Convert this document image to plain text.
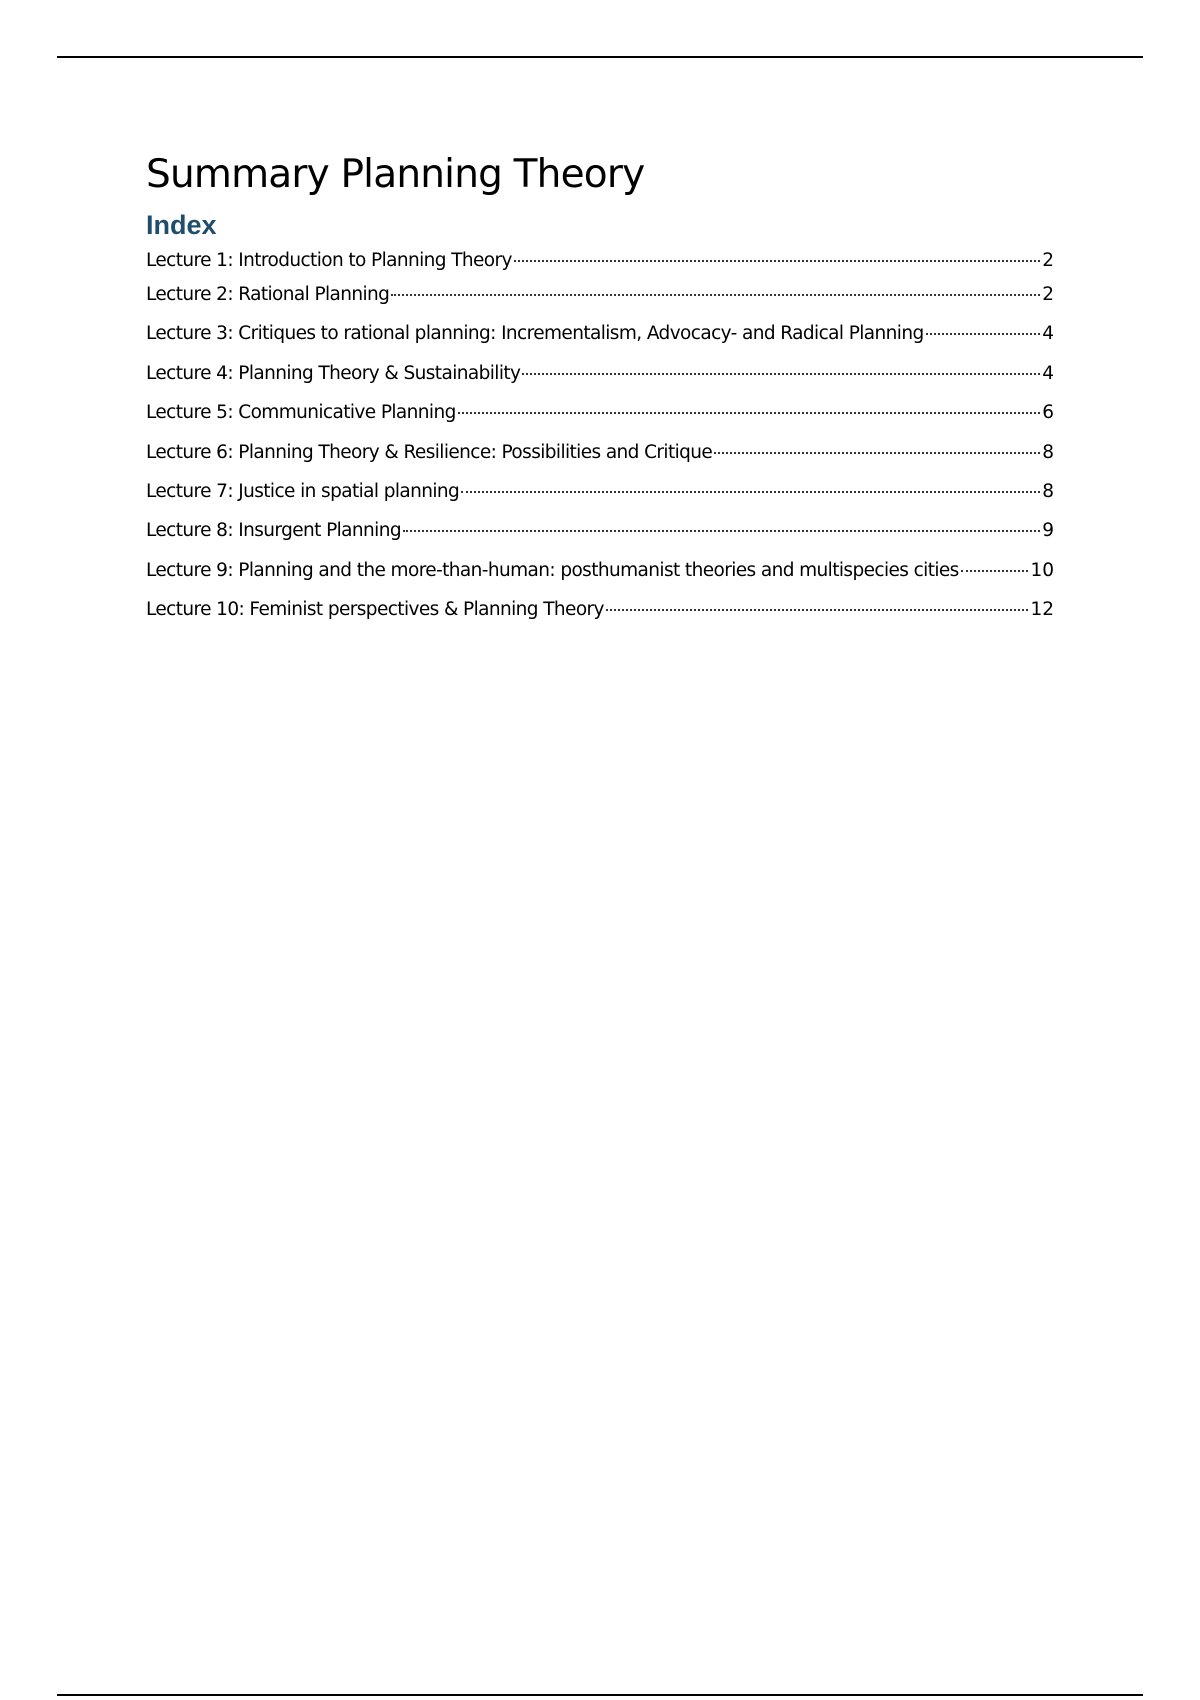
Summary Planning Theory
Index
Lecture 1: Introduction to Planning Theory	2
Lecture 2: Rational Planning	2
Lecture 3: Critiques to rational planning: Incrementalism, Advocacy- and Radical Planning	4
Lecture 4: Planning Theory & Sustainability	4
Lecture 5: Communicative Planning	6
Lecture 6: Planning Theory & Resilience: Possibilities and Critique	8
Lecture 7: Justice in spatial planning	8
Lecture 8: Insurgent Planning	9
Lecture 9: Planning and the more-than-human: posthumanist theories and multispecies cities	10
Lecture 10: Feminist perspectives & Planning Theory	12
